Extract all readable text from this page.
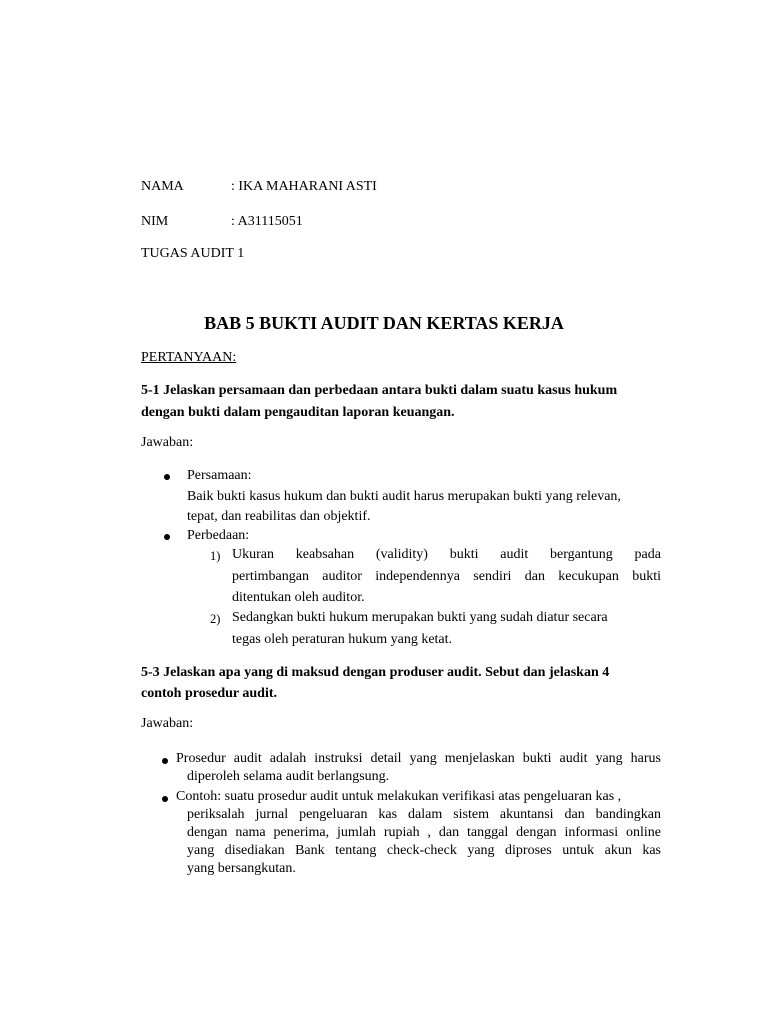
NAMA	: IKA MAHARANI ASTI
NIM	: A31115051
TUGAS AUDIT 1
BAB 5 BUKTI AUDIT DAN KERTAS KERJA
PERTANYAAN:
5-1 Jelaskan persamaan dan perbedaan antara bukti dalam suatu kasus hukum
dengan bukti dalam pengauditan laporan keuangan.
Jawaban:
Persamaan:
Baik bukti kasus hukum dan bukti audit harus merupakan bukti yang relevan,
tepat, dan reabilitas dan objektif.
Perbedaan:
1) Ukuran keabsahan (validity) bukti audit bergantung pada
pertimbangan auditor independennya sendiri dan kecukupan bukti
ditentukan oleh auditor.
2) Sedangkan bukti hukum merupakan bukti yang sudah diatur secara
tegas oleh peraturan hukum yang ketat.
5-3 Jelaskan apa yang di maksud dengan produser audit. Sebut dan jelaskan 4
contoh prosedur audit.
Jawaban:
Prosedur audit adalah instruksi detail yang menjelaskan bukti audit yang harus
diperoleh selama audit berlangsung.
Contoh: suatu prosedur audit untuk melakukan verifikasi atas pengeluaran kas ,
periksalah jurnal pengeluaran kas dalam sistem akuntansi dan bandingkan
dengan nama penerima, jumlah rupiah , dan tanggal dengan informasi online
yang disediakan Bank tentang check-check yang diproses untuk akun kas
yang bersangkutan.
